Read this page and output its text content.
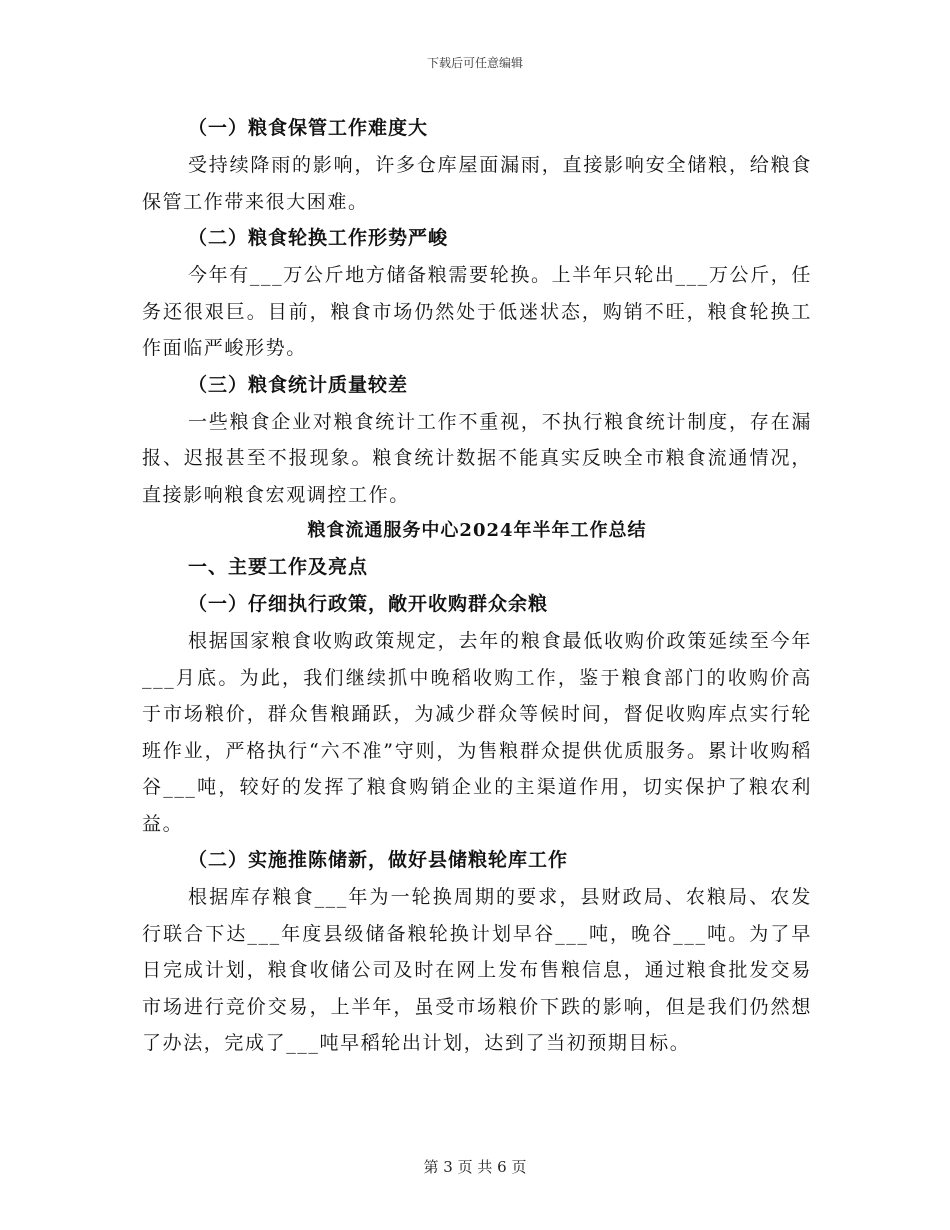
下载后可任意编辑
（一）粮食保管工作难度大

受持续降雨的影响，许多仓库屋面漏雨，直接影响安全储粮，给粮食保管工作带来很大困难。

（二）粮食轮换工作形势严峻

今年有___万公斤地方储备粮需要轮换。上半年只轮出___万公斤，任务还很艰巨。目前，粮食市场仍然处于低迷状态，购销不旺，粮食轮换工作面临严峻形势。

（三）粮食统计质量较差

一些粮食企业对粮食统计工作不重视，不执行粮食统计制度，存在漏报、迟报甚至不报现象。粮食统计数据不能真实反映全市粮食流通情况，直接影响粮食宏观调控工作。

粮食流通服务中心2024年半年工作总结
一、主要工作及亮点
（一）仔细执行政策，敞开收购群众余粮

根据国家粮食收购政策规定，去年的粮食最低收购价政策延续至今年___月底。为此，我们继续抓中晚稻收购工作，鉴于粮食部门的收购价高于市场粮价，群众售粮踊跃，为减少群众等候时间，督促收购库点实行轮班作业，严格执行“六不准”守则，为售粮群众提供优质服务。累计收购稻谷___吨，较好的发挥了粮食购销企业的主渠道作用，切实保护了粮农利益。

（二）实施推陈储新，做好县储粮轮库工作

根据库存粮食___年为一轮换周期的要求，县财政局、农粮局、农发行联合下达___年度县级储备粮轮换计划早谷___吨，晚谷___吨。为了早日完成计划，粮食收储公司及时在网上发布售粮信息，通过粮食批发交易市场进行竞价交易，上半年，虽受市场粮价下跌的影响，但是我们仍然想了办法，完成了___吨早稻轮出计划，达到了当初预期目标。

第 3 页 共 6 页
